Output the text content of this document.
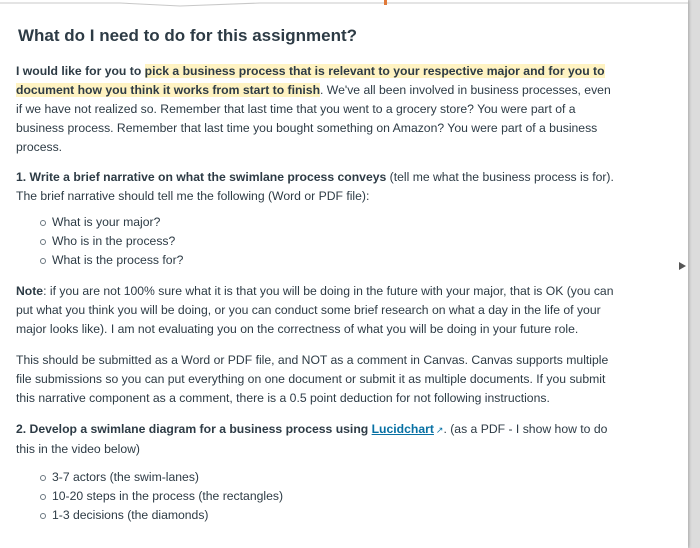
What do I need to do for this assignment?

I would like for you to pick a business process that is relevant to your respective major and for you to document how you think it works from start to finish. We've all been involved in business processes, even if we have not realized so. Remember that last time that you went to a grocery store? You were part of a business process. Remember that last time you bought something on Amazon? You were part of a business process.

1. Write a brief narrative on what the swimlane process conveys (tell me what the business process is for). The brief narrative should tell me the following (Word or PDF file):

What is your major?
Who is in the process?
What is the process for?

Note: if you are not 100% sure what it is that you will be doing in the future with your major, that is OK (you can put what you think you will be doing, or you can conduct some brief research on what a day in the life of your major looks like). I am not evaluating you on the correctness of what you will be doing in your future role.

This should be submitted as a Word or PDF file, and NOT as a comment in Canvas. Canvas supports multiple file submissions so you can put everything on one document or submit it as multiple documents. If you submit this narrative component as a comment, there is a 0.5 point deduction for not following instructions.

2. Develop a swimlane diagram for a business process using Lucidchart ↗. (as a PDF - I show how to do this in the video below)

3-7 actors (the swim-lanes)
10-20 steps in the process (the rectangles)
1-3 decisions (the diamonds)
